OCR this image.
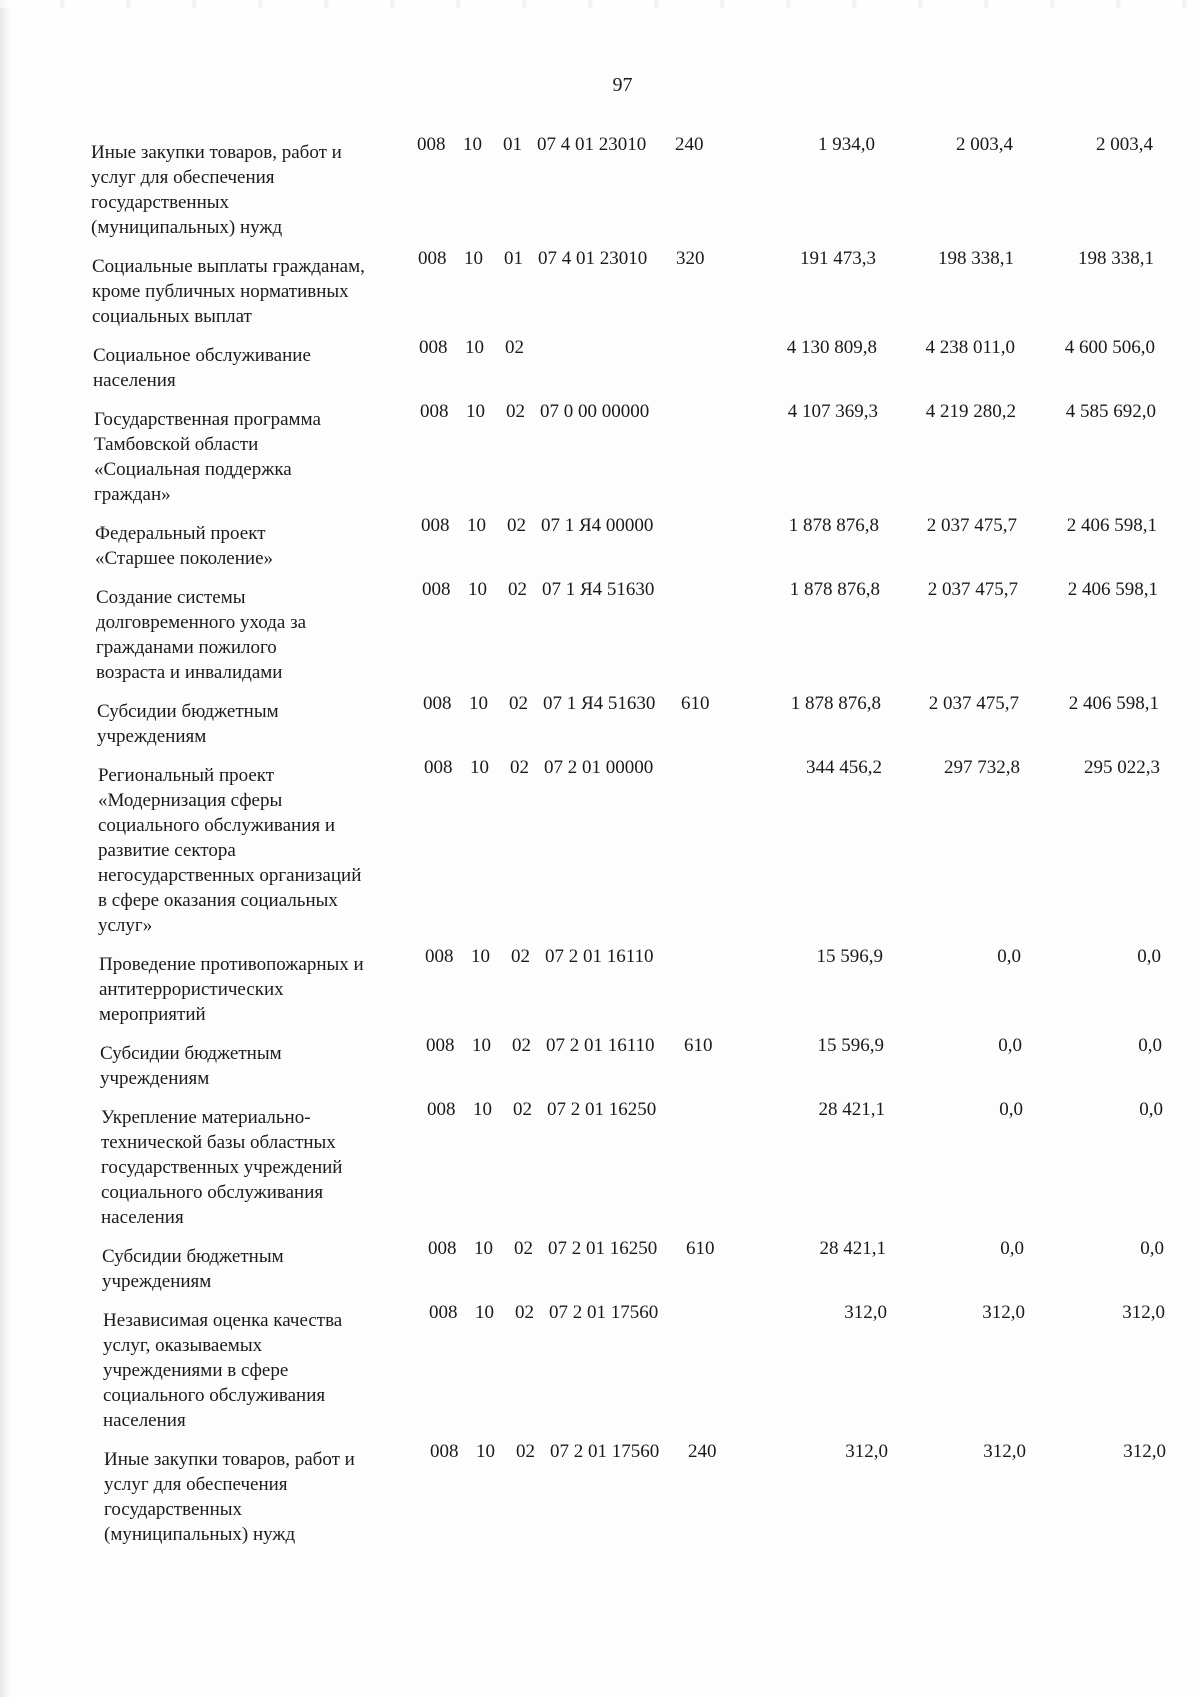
97
Иные закупки товаров, работ и
услуг для обеспечения
государственных
(муниципальных) нужд
008 10	01 07 4 01 23010	240	1 934,0	2 003,4	2 003,4
Социальные выплаты гражданам,
кроме публичных нормативных
социальных выплат
008 10	01 07 4 01 23010	320	191 473,3	198 338,1	198 338,1
Социальное обслуживание
населения
008 10	02	4 130 809,8	4 238 011,0	4 600 506,0
Государственная программа
Тамбовской области
«Социальная поддержка
граждан»
008 10	02 07 0 00 00000	4 107 369,3	4 219 280,2	4 585 692,0
Федеральный проект
«Старшее поколение»
008 10	02 07 1 Я4 00000	1 878 876,8	2 037 475,7	2 406 598,1
Создание системы
долговременного ухода за
гражданами пожилого
возраста и инвалидами
008 10	02 07 1 Я4 51630	1 878 876,8	2 037 475,7	2 406 598,1
Субсидии бюджетным
учреждениям
008 10	02 07 1 Я4 51630	610	1 878 876,8	2 037 475,7	2 406 598,1
Региональный проект
«Модернизация сферы
социального обслуживания и
развитие сектора
негосударственных организаций
в сфере оказания социальных
услуг»
008 10	02 07 2 01 00000	344 456,2	297 732,8	295 022,3
Проведение противопожарных и
антитеррористических
мероприятий
008 10	02 07 2 01 16110	15 596,9	0,0	0,0
Субсидии бюджетным
учреждениям
008 10	02 07 2 01 16110	610	15 596,9	0,0	0,0
Укрепление материально-
технической базы областных
государственных учреждений
социального обслуживания
населения
008 10	02 07 2 01 16250	28 421,1	0,0	0,0
Субсидии бюджетным
учреждениям
008 10	02 07 2 01 16250	610	28 421,1	0,0	0,0
Независимая оценка качества
услуг, оказываемых
учреждениями в сфере
социального обслуживания
населения
008 10	02 07 2 01 17560	312,0	312,0	312,0
Иные закупки товаров, работ и
услуг для обеспечения
государственных
(муниципальных) нужд
008 10	02 07 2 01 17560	240	312,0	312,0	312,0
